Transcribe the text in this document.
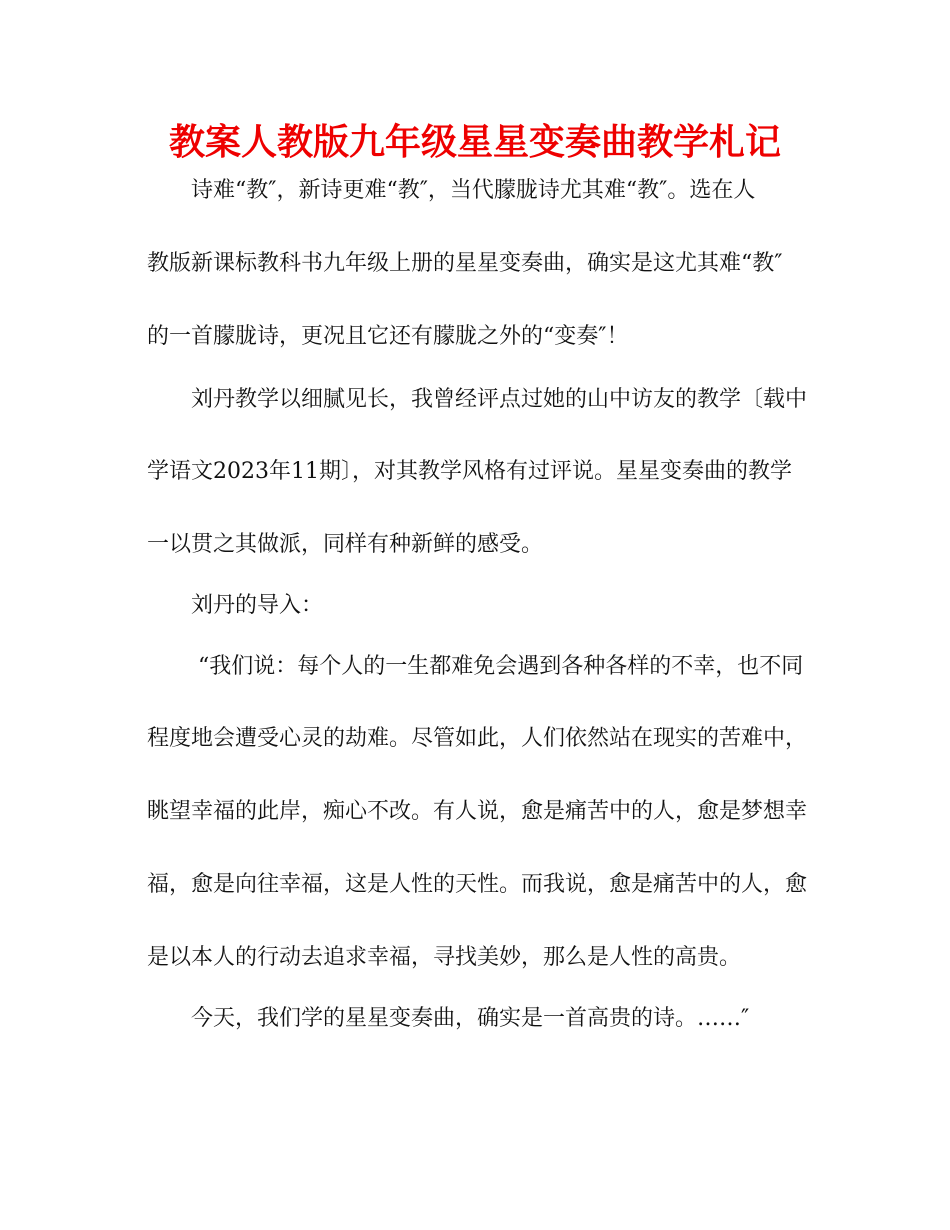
教案人教版九年级星星变奏曲教学札记
诗难“教″，新诗更难“教″，当代朦胧诗尤其难“教″。选在人
教版新课标教科书九年级上册的星星变奏曲，确实是这尤其难“教″
的一首朦胧诗，更况且它还有朦胧之外的“变奏″！
刘丹教学以细腻见长，我曾经评点过她的山中访友的教学〔载中
学语文2023年11期〕，对其教学风格有过评说。星星变奏曲的教学
一以贯之其做派，同样有种新鲜的感受。
刘丹的导入：
“我们说：每个人的一生都难免会遇到各种各样的不幸，也不同
程度地会遭受心灵的劫难。尽管如此，人们依然站在现实的苦难中，
眺望幸福的此岸，痴心不改。有人说，愈是痛苦中的人，愈是梦想幸
福，愈是向往幸福，这是人性的天性。而我说，愈是痛苦中的人，愈
是以本人的行动去追求幸福，寻找美妙，那么是人性的高贵。
今天，我们学的星星变奏曲，确实是一首高贵的诗。……″
